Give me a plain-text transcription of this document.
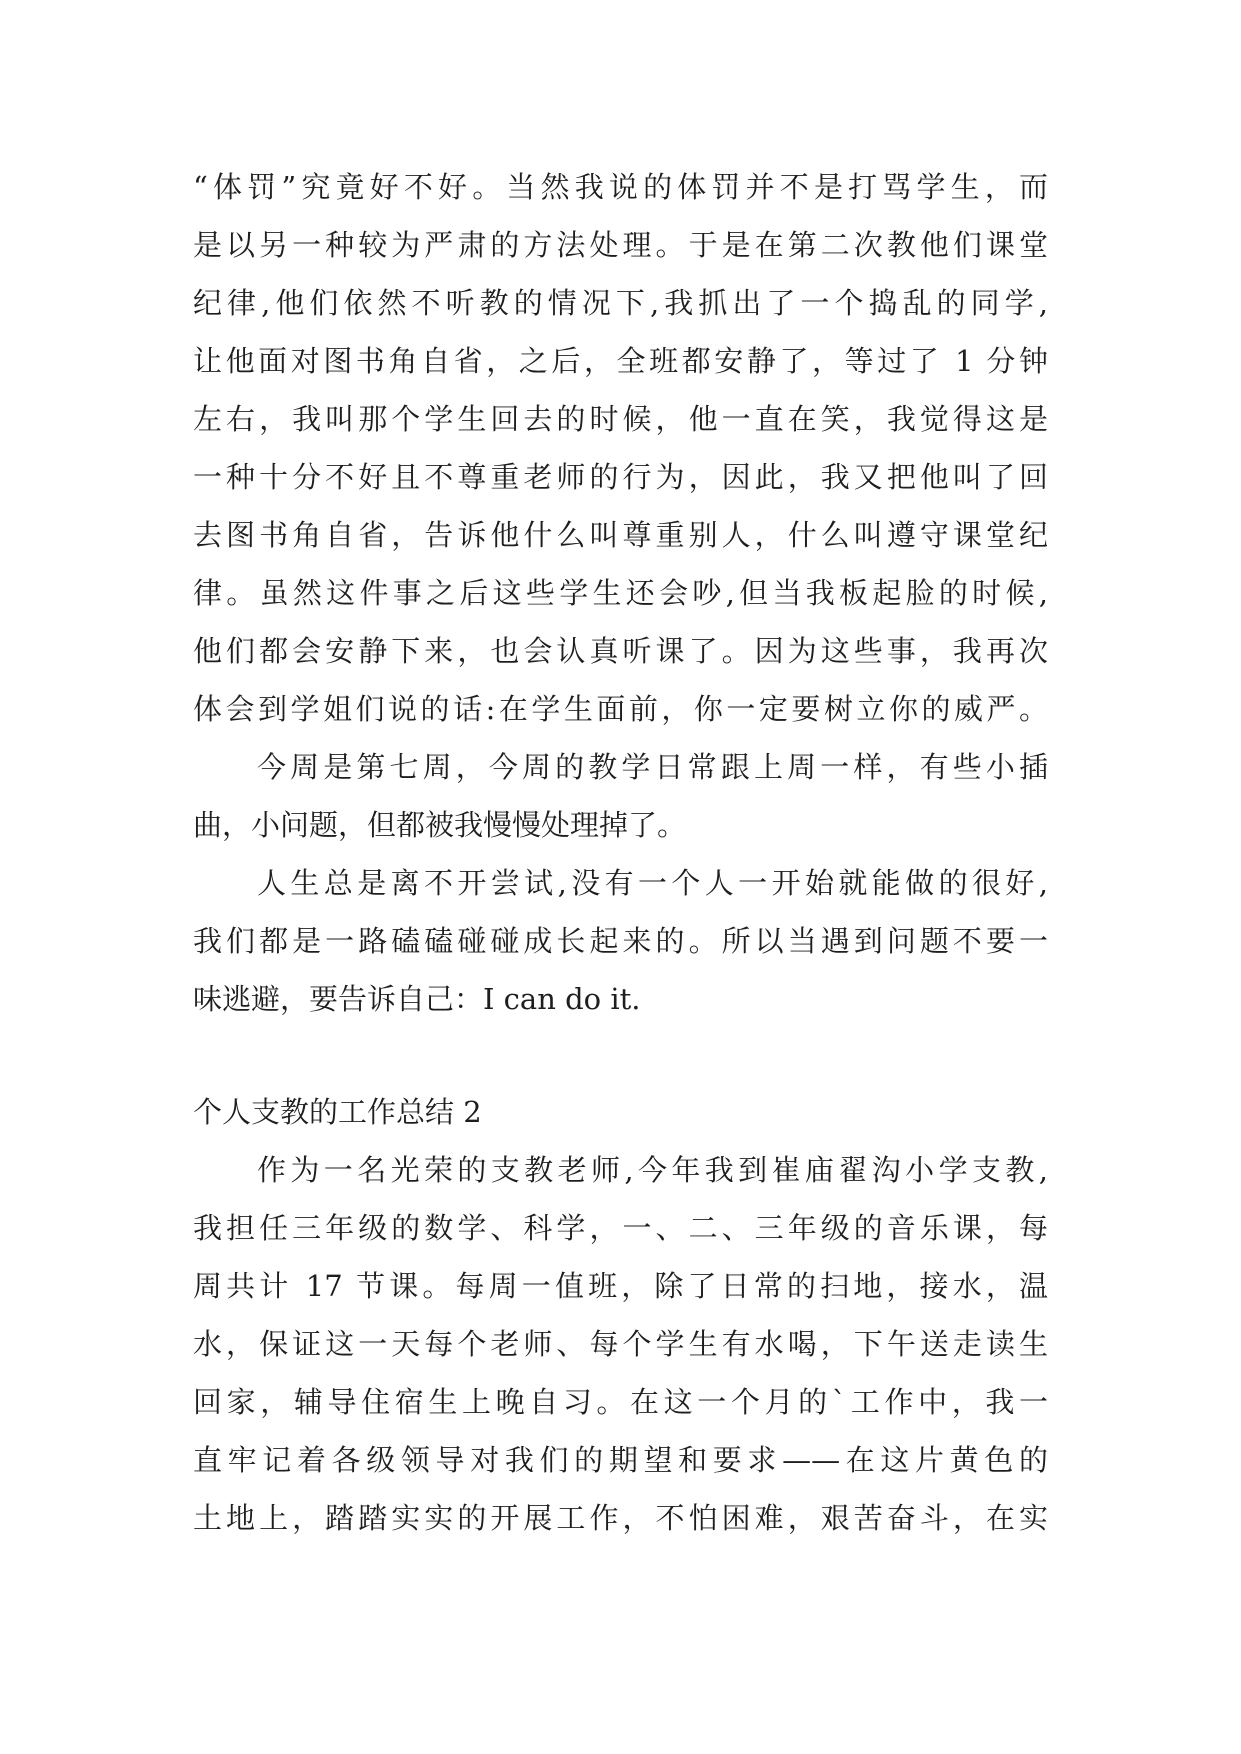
“体罚”究竟好不好。当然我说的体罚并不是打骂学生，而
是以另一种较为严肃的方法处理。于是在第二次教他们课堂
纪律,他们依然不听教的情况下,我抓出了一个捣乱的同学,
让他面对图书角自省，之后，全班都安静了，等过了 1 分钟
左右，我叫那个学生回去的时候，他一直在笑，我觉得这是
一种十分不好且不尊重老师的行为，因此，我又把他叫了回
去图书角自省，告诉他什么叫尊重别人，什么叫遵守课堂纪
律。虽然这件事之后这些学生还会吵,但当我板起脸的时候,
他们都会安静下来，也会认真听课了。因为这些事，我再次
体会到学姐们说的话:在学生面前，你一定要树立你的威严。
今周是第七周，今周的教学日常跟上周一样，有些小插
曲，小问题，但都被我慢慢处理掉了。
人生总是离不开尝试,没有一个人一开始就能做的很好,
我们都是一路磕磕碰碰成长起来的。所以当遇到问题不要一
味逃避，要告诉自己：I can do it.
个人支教的工作总结 2
作为一名光荣的支教老师,今年我到崔庙翟沟小学支教,
我担任三年级的数学、科学，一、二、三年级的音乐课，每
周共计 17 节课。每周一值班，除了日常的扫地，接水，温
水，保证这一天每个老师、每个学生有水喝，下午送走读生
回家，辅导住宿生上晚自习。在这一个月的`工作中，我一
直牢记着各级领导对我们的期望和要求——在这片黄色的
土地上，踏踏实实的开展工作，不怕困难，艰苦奋斗，在实
